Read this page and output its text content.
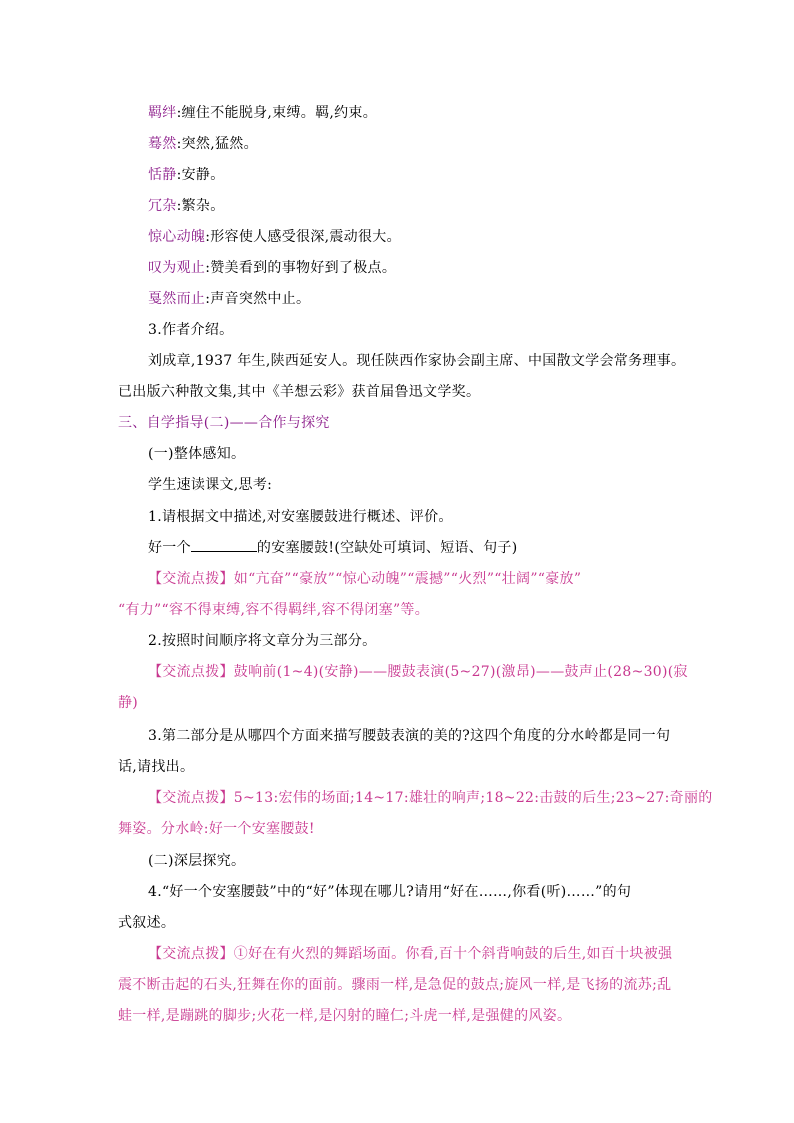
羁绊:缠住不能脱身,束缚。羁,约束。
蓦然:突然,猛然。
恬静:安静。
冗杂:繁杂。
惊心动魄:形容使人感受很深,震动很大。
叹为观止:赞美看到的事物好到了极点。
戛然而止:声音突然中止。
3.作者介绍。
刘成章,1937 年生,陕西延安人。现任陕西作家协会副主席、中国散文学会常务理事。
已出版六种散文集,其中《羊想云彩》获首届鲁迅文学奖。
三、自学指导(二)——合作与探究
(一)整体感知。
学生速读课文,思考:
1.请根据文中描述,对安塞腰鼓进行概述、评价。
好一个	的安塞腰鼓!(空缺处可填词、短语、句子)
【交流点拨】如“亢奋”“豪放”“惊心动魄”“震撼”“火烈”“壮阔”“豪放”
“有力”“容不得束缚,容不得羁绊,容不得闭塞”等。
2.按照时间顺序将文章分为三部分。
【交流点拨】鼓响前(1~4)(安静)——腰鼓表演(5~27)(激昂)——鼓声止(28~30)(寂
静)
3.第二部分是从哪四个方面来描写腰鼓表演的美的?这四个角度的分水岭都是同一句
话,请找出。
【交流点拨】5~13:宏伟的场面;14~17:雄壮的响声;18~22:击鼓的后生;23~27:奇丽的
舞姿。分水岭:好一个安塞腰鼓!
(二)深层探究。
4.“好一个安塞腰鼓”中的“好”体现在哪儿?请用“好在……,你看(听)……”的句
式叙述。
【交流点拨】①好在有火烈的舞蹈场面。你看,百十个斜背响鼓的后生,如百十块被强
震不断击起的石头,狂舞在你的面前。骤雨一样,是急促的鼓点;旋风一样,是飞扬的流苏;乱
蛙一样,是蹦跳的脚步;火花一样,是闪射的瞳仁;斗虎一样,是强健的风姿。
